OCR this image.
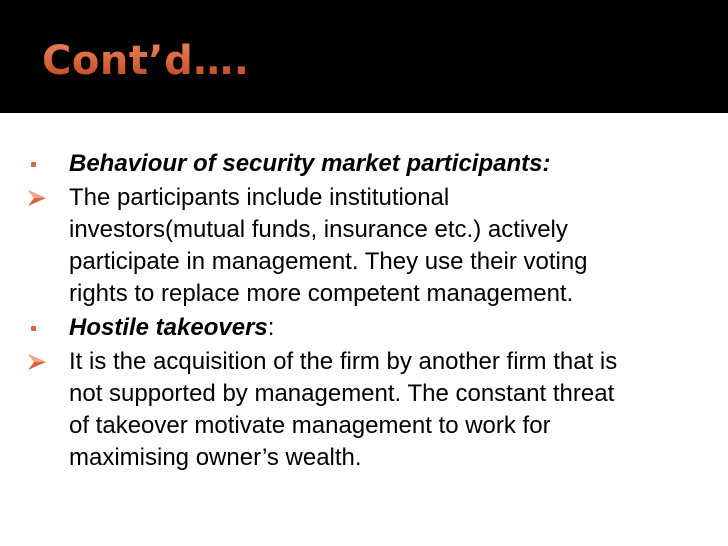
Cont’d….
Behaviour of security market participants:
The participants include institutional
investors(mutual funds, insurance etc.) actively
participate in management. They use their voting
rights to replace more competent management.
Hostile takeovers:
It is the acquisition of the firm by another firm that is
not supported by management. The constant threat
of takeover motivate management to work for
maximising owner’s wealth.
